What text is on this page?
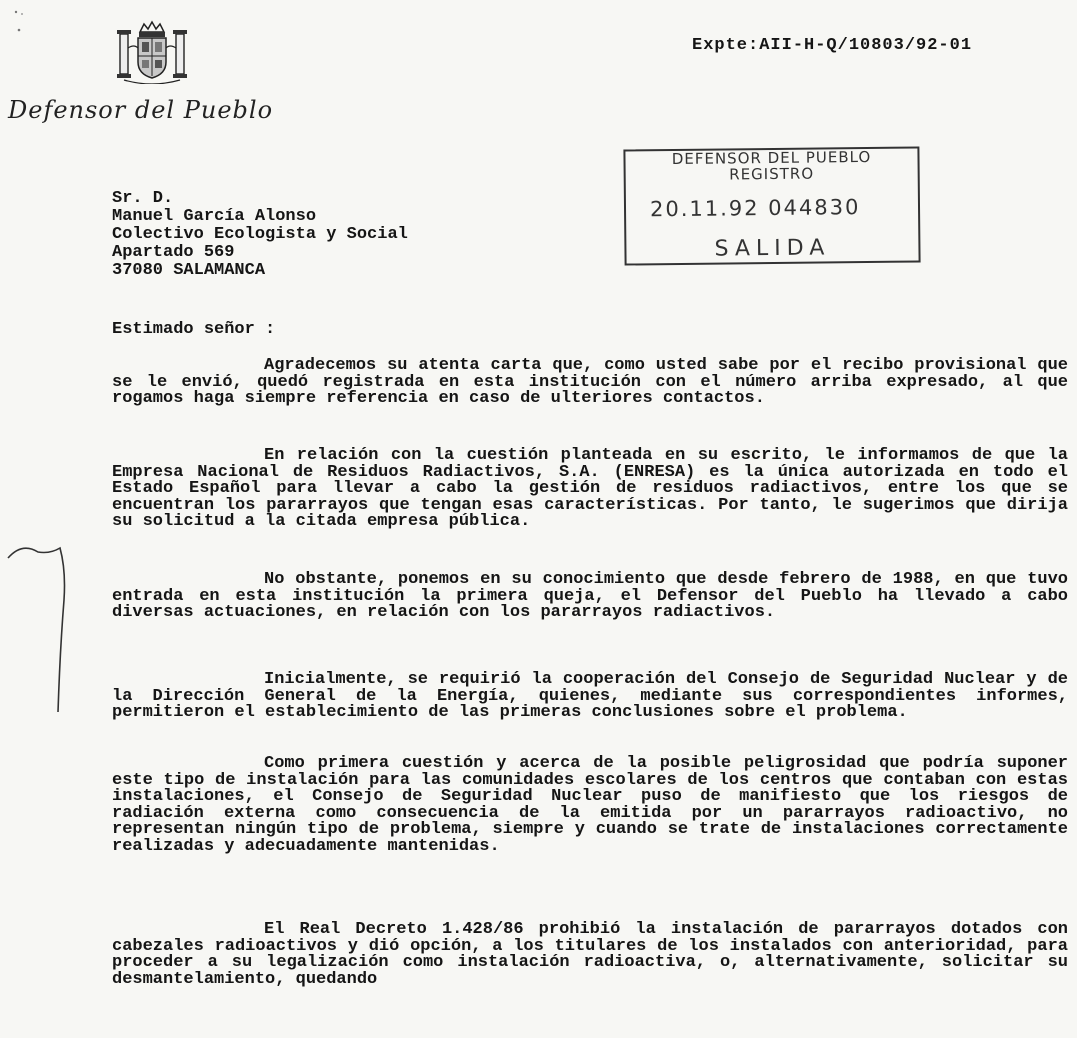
Defensor del Pueblo
Expte:AII-H-Q/10803/92-01
DEFENSOR DEL PUEBLO
REGISTRO
20.11.92 044830
SALIDA
Sr. D.
Manuel García Alonso
Colectivo Ecologista y Social
Apartado 569
37080 SALAMANCA
Estimado señor :
Agradecemos su atenta carta que, como usted sabe por el recibo provisional que se le envió, quedó registrada en esta institución con el número arriba expresado, al que rogamos haga siempre referencia en caso de ulteriores contactos.
En relación con la cuestión planteada en su escrito, le informamos de que la Empresa Nacional de Residuos Radiactivos, S.A. (ENRESA) es la única autorizada en todo el Estado Español para llevar a cabo la gestión de residuos radiactivos, entre los que se encuentran los pararrayos que tengan esas características. Por tanto, le sugerimos que dirija su solicitud a la citada empresa pública.
No obstante, ponemos en su conocimiento que desde febrero de 1988, en que tuvo entrada en esta institución la primera queja, el Defensor del Pueblo ha llevado a cabo diversas actuaciones, en relación con los pararrayos radiactivos.
Inicialmente, se requirió la cooperación del Consejo de Seguridad Nuclear y de la Dirección General de la Energía, quienes, mediante sus correspondientes informes, permitieron el establecimiento de las primeras conclusiones sobre el problema.
Como primera cuestión y acerca de la posible peligrosidad que podría suponer este tipo de instalación para las comunidades escolares de los centros que contaban con estas instalaciones, el Consejo de Seguridad Nuclear puso de manifiesto que los riesgos de radiación externa como consecuencia de la emitida por un pararrayos radioactivo, no representan ningún tipo de problema, siempre y cuando se trate de instalaciones correctamente realizadas y adecuadamente mantenidas.
El Real Decreto 1.428/86 prohibió la instalación de pararrayos dotados con cabezales radioactivos y dió opción, a los titulares de los instalados con anterioridad, para proceder a su legalización como instalación radioactiva, o, alternativamente, solicitar su desmantelamiento, quedando
